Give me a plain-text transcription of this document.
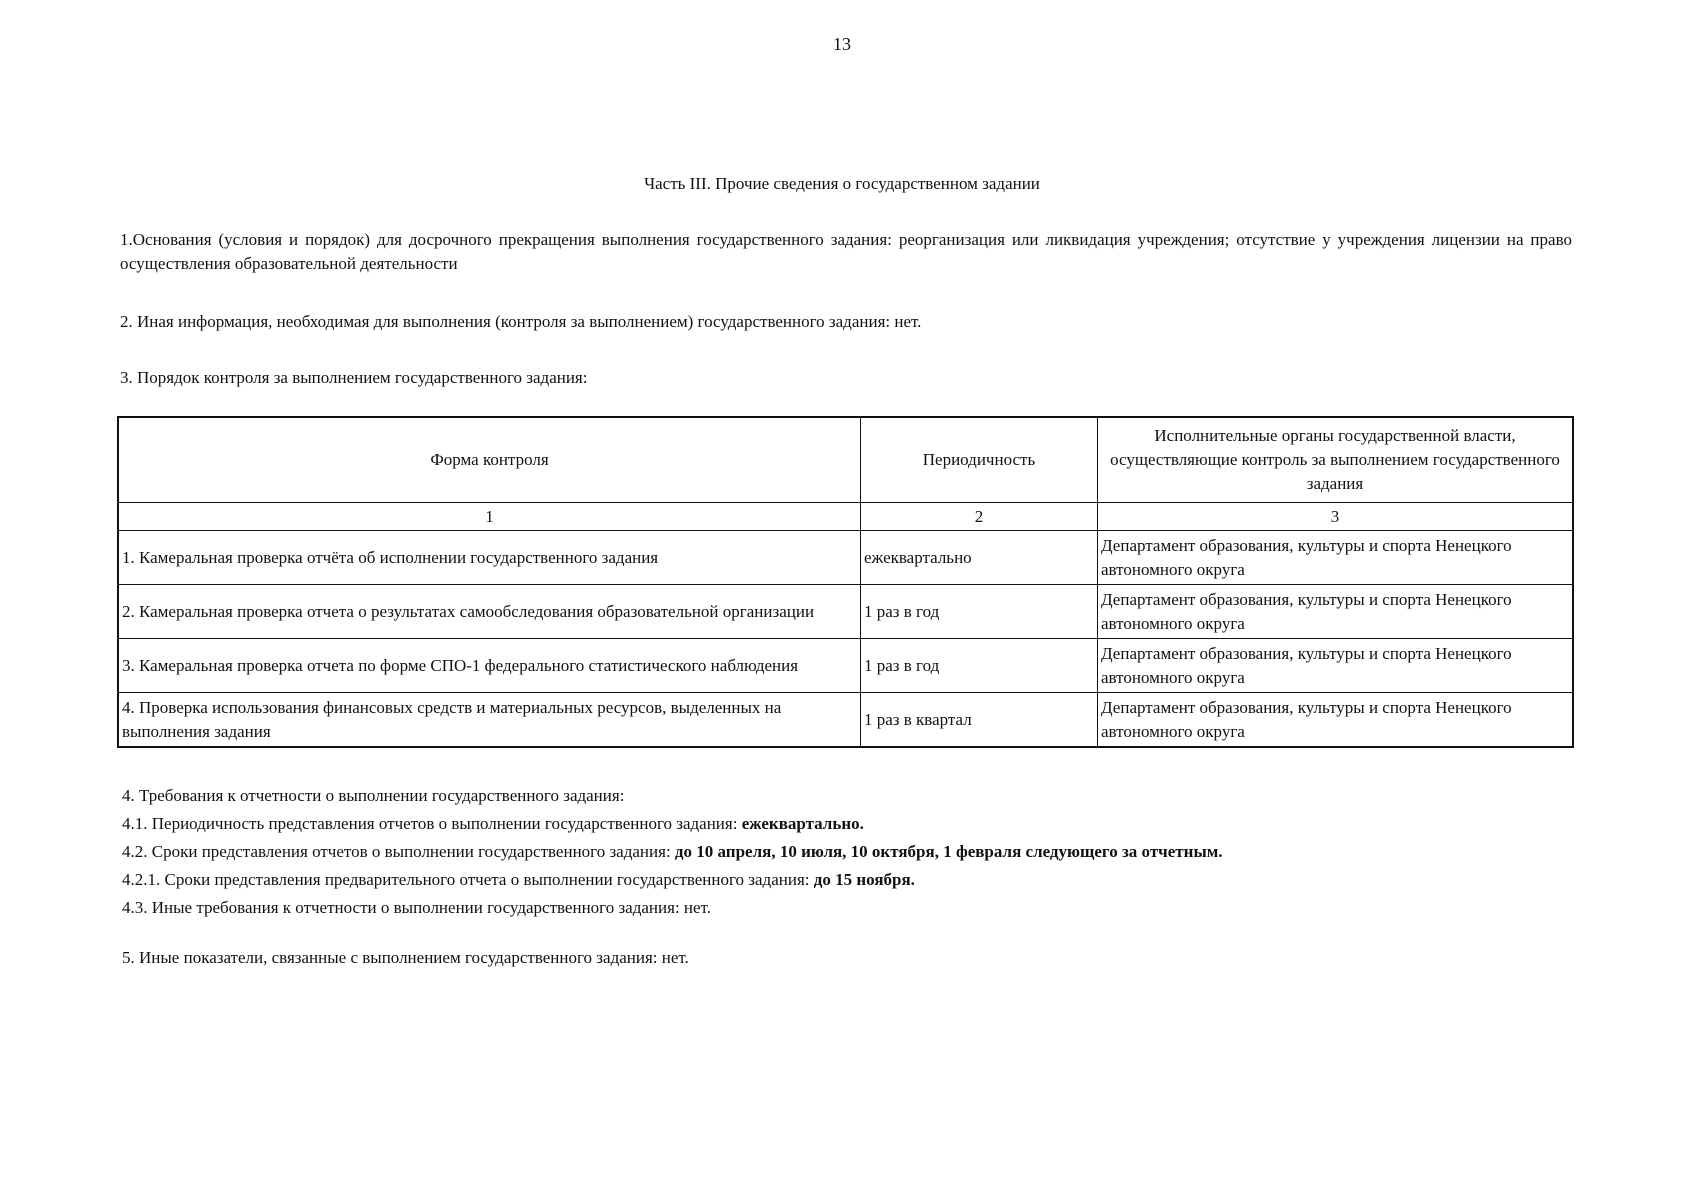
13
Часть III. Прочие сведения о государственном задании
1.Основания (условия и порядок) для досрочного прекращения выполнения государственного задания: реорганизация или ликвидация учреждения; отсутствие у учреждения лицензии на право осуществления образовательной деятельности
2. Иная информация, необходимая для выполнения (контроля за выполнением) государственного задания: нет.
3. Порядок контроля за выполнением государственного задания:
Форма контроля	Периодичность	Исполнительные органы государственной власти, осуществляющие контроль за выполнением государственного задания
1	2	3
1. Камеральная проверка отчёта об исполнении государственного задания	ежеквартально	Департамент образования, культуры и спорта Ненецкого автономного округа
2. Камеральная проверка отчета о результатах самообследования образовательной организации	1 раз в год	Департамент образования, культуры и спорта Ненецкого автономного округа
3. Камеральная проверка отчета по форме СПО-1 федерального статистического наблюдения	1 раз в год	Департамент образования, культуры и спорта Ненецкого автономного округа
4. Проверка использования финансовых средств и материальных ресурсов, выделенных на выполнения задания	1 раз в квартал	Департамент образования, культуры и спорта Ненецкого автономного округа
4. Требования к отчетности о выполнении государственного задания:
4.1. Периодичность представления отчетов о выполнении государственного задания: ежеквартально.
4.2. Сроки представления отчетов о выполнении государственного задания: до 10 апреля, 10 июля, 10 октября, 1 февраля следующего за отчетным.
4.2.1. Сроки представления предварительного отчета о выполнении государственного задания: до 15 ноября.
4.3. Иные требования к отчетности о выполнении государственного задания: нет.
5. Иные показатели, связанные с выполнением государственного задания: нет.
